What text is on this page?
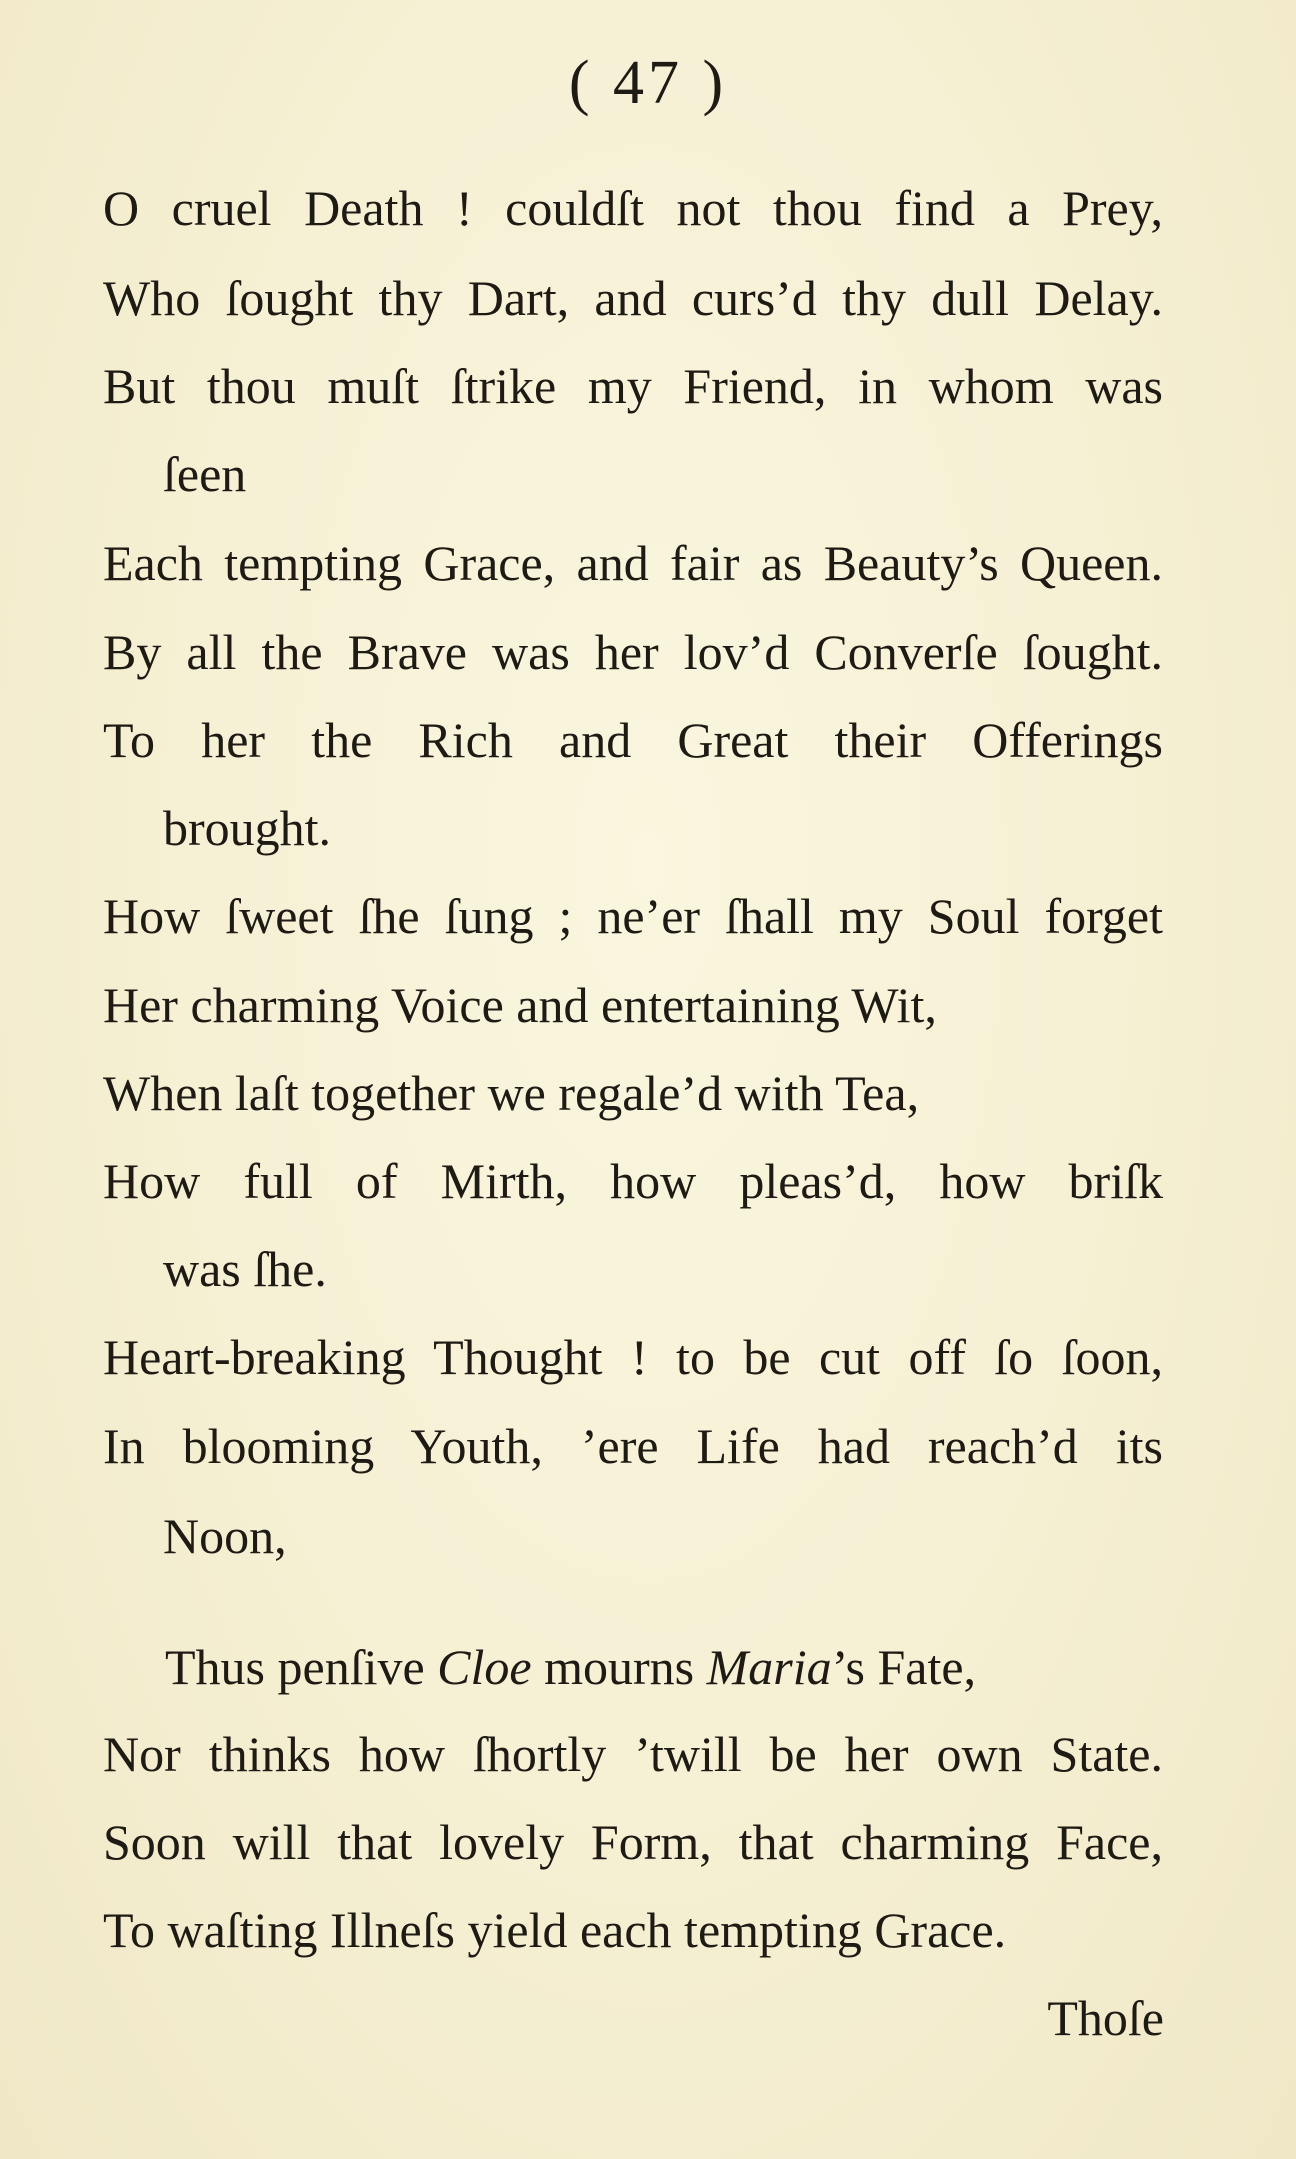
( 47 )
O cruel Death ! couldſt not thou find a Prey,
Who ſought thy Dart, and curs’d thy dull Delay.
But thou muſt ſtrike my Friend, in whom was
ſeen
Each tempting Grace, and fair as Beauty’s Queen.
By all the Brave was her lov’d Converſe ſought.
To her the Rich and Great their Offerings
brought.
How ſweet ſhe ſung ; ne’er ſhall my Soul forget
Her charming Voice and entertaining Wit,
When laſt together we regale’d with Tea,
How full of Mirth, how pleas’d, how briſk
was ſhe.
Heart-breaking Thought ! to be cut off ſo ſoon,
In blooming Youth, ’ere Life had reach’d its
Noon,
Thus penſive Cloe mourns Maria’s Fate,
Nor thinks how ſhortly ’twill be her own State.
Soon will that lovely Form, that charming Face,
To waſting Illneſs yield each tempting Grace.
Thoſe
